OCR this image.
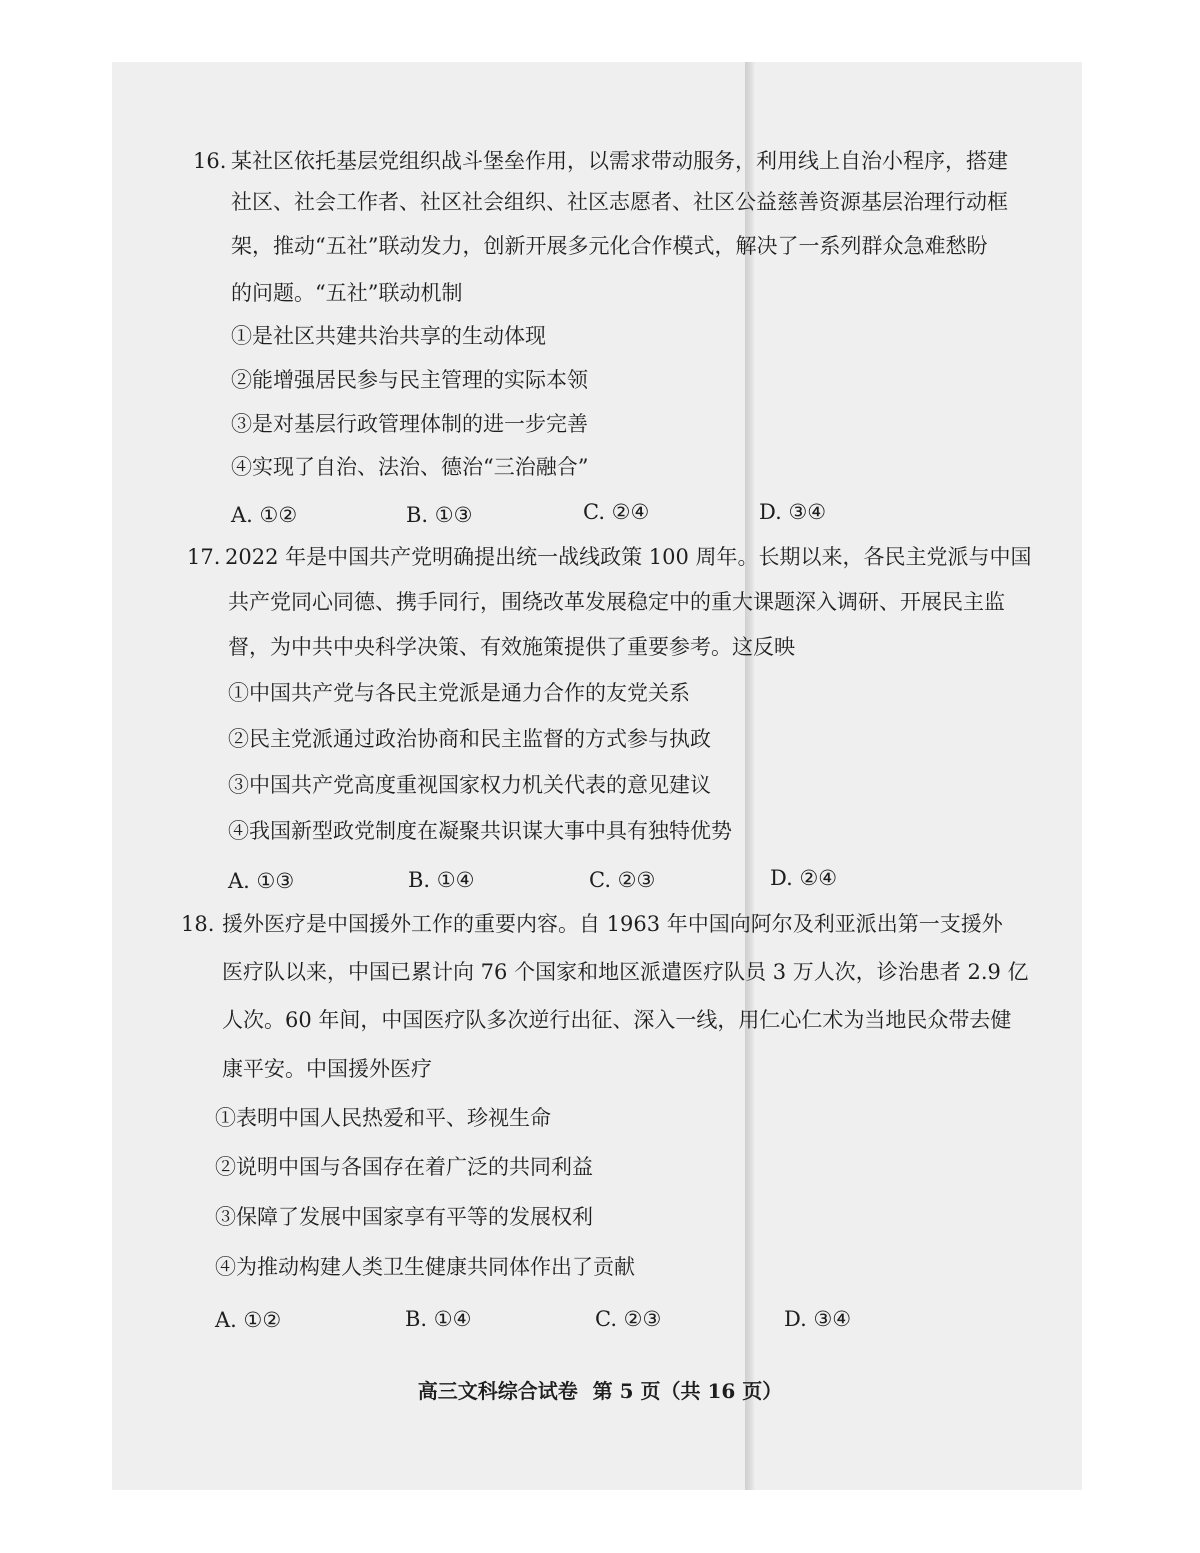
16. 某社区依托基层党组织战斗堡垒作用，以需求带动服务，利用线上自治小程序，搭建
社区、社会工作者、社区社会组织、社区志愿者、社区公益慈善资源基层治理行动框
架，推动“五社”联动发力，创新开展多元化合作模式，解决了一系列群众急难愁盼
的问题。“五社”联动机制
①是社区共建共治共享的生动体现
②能增强居民参与民主管理的实际本领
③是对基层行政管理体制的进一步完善
④实现了自治、法治、德治“三治融合”
A. ①②	B. ①③	C. ②④	D. ③④
17. 2022 年是中国共产党明确提出统一战线政策 100 周年。长期以来，各民主党派与中国
共产党同心同德、携手同行，围绕改革发展稳定中的重大课题深入调研、开展民主监
督，为中共中央科学决策、有效施策提供了重要参考。这反映
①中国共产党与各民主党派是通力合作的友党关系
②民主党派通过政治协商和民主监督的方式参与执政
③中国共产党高度重视国家权力机关代表的意见建议
④我国新型政党制度在凝聚共识谋大事中具有独特优势
A. ①③	B. ①④	C. ②③	D. ②④
18. 援外医疗是中国援外工作的重要内容。自 1963 年中国向阿尔及利亚派出第一支援外
医疗队以来，中国已累计向 76 个国家和地区派遣医疗队员 3 万人次，诊治患者 2.9 亿
人次。60 年间，中国医疗队多次逆行出征、深入一线，用仁心仁术为当地民众带去健
康平安。中国援外医疗
①表明中国人民热爱和平、珍视生命
②说明中国与各国存在着广泛的共同利益
③保障了发展中国家享有平等的发展权利
④为推动构建人类卫生健康共同体作出了贡献
A. ①②	B. ①④	C. ②③	D. ③④
高三文科综合试卷 第 5 页（共 16 页）
